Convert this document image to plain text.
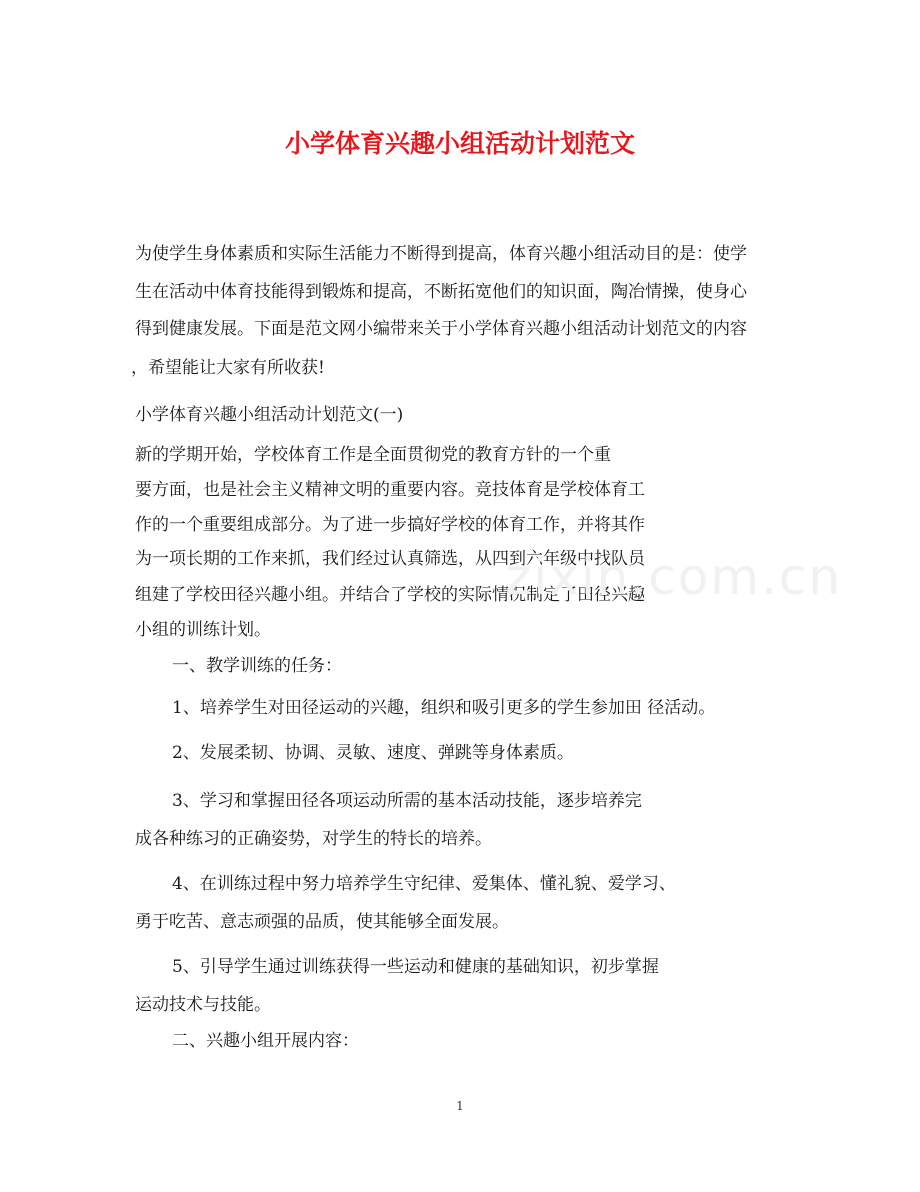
小学体育兴趣小组活动计划范文
为使学生身体素质和实际生活能力不断得到提高，体育兴趣小组活动目的是：使学
生在活动中体育技能得到锻炼和提高，不断拓宽他们的知识面，陶冶情操，使身心
得到健康发展。下面是范文网小编带来关于小学体育兴趣小组活动计划范文的内容
，希望能让大家有所收获!
小学体育兴趣小组活动计划范文(一)
新的学期开始，学校体育工作是全面贯彻党的教育方针的一个重
要方面，也是社会主义精神文明的重要内容。竞技体育是学校体育工
作的一个重要组成部分。为了进一步搞好学校的体育工作，并将其作
为一项长期的工作来抓，我们经过认真筛选，从四到六年级中找队员
组建了学校田径兴趣小组。并结合了学校的实际情况制定了田径兴趣
小组的训练计划。
一、教学训练的任务：
1、培养学生对田径运动的兴趣，组织和吸引更多的学生参加田 径活动。
2、发展柔韧、协调、灵敏、速度、弹跳等身体素质。
3、学习和掌握田径各项运动所需的基本活动技能，逐步培养完
成各种练习的正确姿势，对学生的特长的培养。
4、在训练过程中努力培养学生守纪律、爱集体、懂礼貌、爱学习、
勇于吃苦、意志顽强的品质，使其能够全面发展。
5、引导学生通过训练获得一些运动和健康的基础知识，初步掌握
运动技术与技能。
二、兴趣小组开展内容：
zixin.com.cn
1
